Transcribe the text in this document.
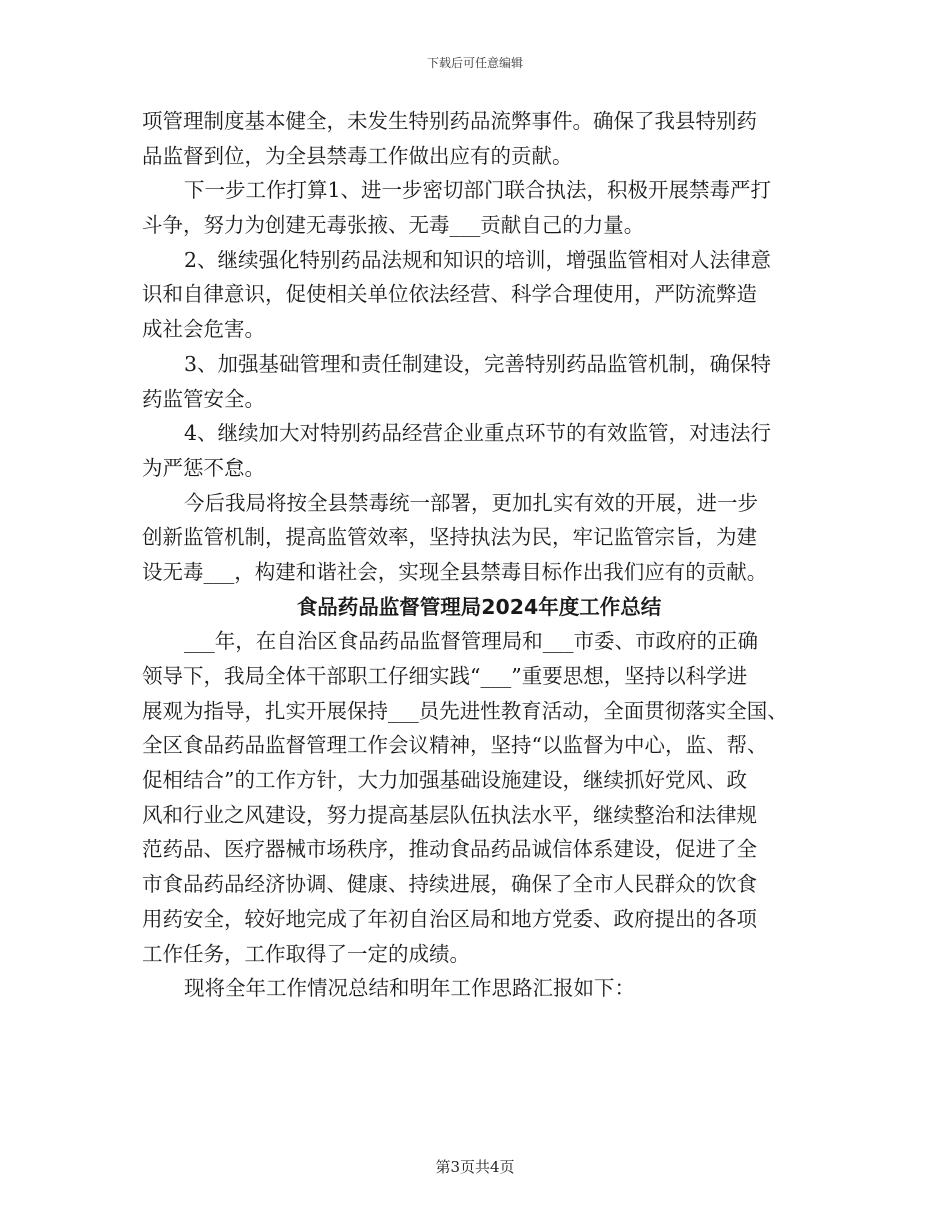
下载后可任意编辑
项管理制度基本健全，未发生特别药品流弊事件。确保了我县特别药
品监督到位，为全县禁毒工作做出应有的贡献。
下一步工作打算1、进一步密切部门联合执法，积极开展禁毒严打
斗争，努力为创建无毒张掖、无毒___贡献自己的力量。
2、继续强化特别药品法规和知识的培训，增强监管相对人法律意
识和自律意识，促使相关单位依法经营、科学合理使用，严防流弊造
成社会危害。
3、加强基础管理和责任制建设，完善特别药品监管机制，确保特
药监管安全。
4、继续加大对特别药品经营企业重点环节的有效监管，对违法行
为严惩不怠。
今后我局将按全县禁毒统一部署，更加扎实有效的开展，进一步
创新监管机制，提高监管效率，坚持执法为民，牢记监管宗旨，为建
设无毒___，构建和谐社会，实现全县禁毒目标作出我们应有的贡献。
食品药品监督管理局2024年度工作总结
___年，在自治区食品药品监督管理局和___市委、市政府的正确
领导下，我局全体干部职工仔细实践“___”重要思想，坚持以科学进
展观为指导，扎实开展保持___员先进性教育活动，全面贯彻落实全国、
全区食品药品监督管理工作会议精神，坚持“以监督为中心，监、帮、
促相结合”的工作方针，大力加强基础设施建设，继续抓好党风、政
风和行业之风建设，努力提高基层队伍执法水平，继续整治和法律规
范药品、医疗器械市场秩序，推动食品药品诚信体系建设，促进了全
市食品药品经济协调、健康、持续进展，确保了全市人民群众的饮食
用药安全，较好地完成了年初自治区局和地方党委、政府提出的各项
工作任务，工作取得了一定的成绩。
现将全年工作情况总结和明年工作思路汇报如下：
第3页共4页
